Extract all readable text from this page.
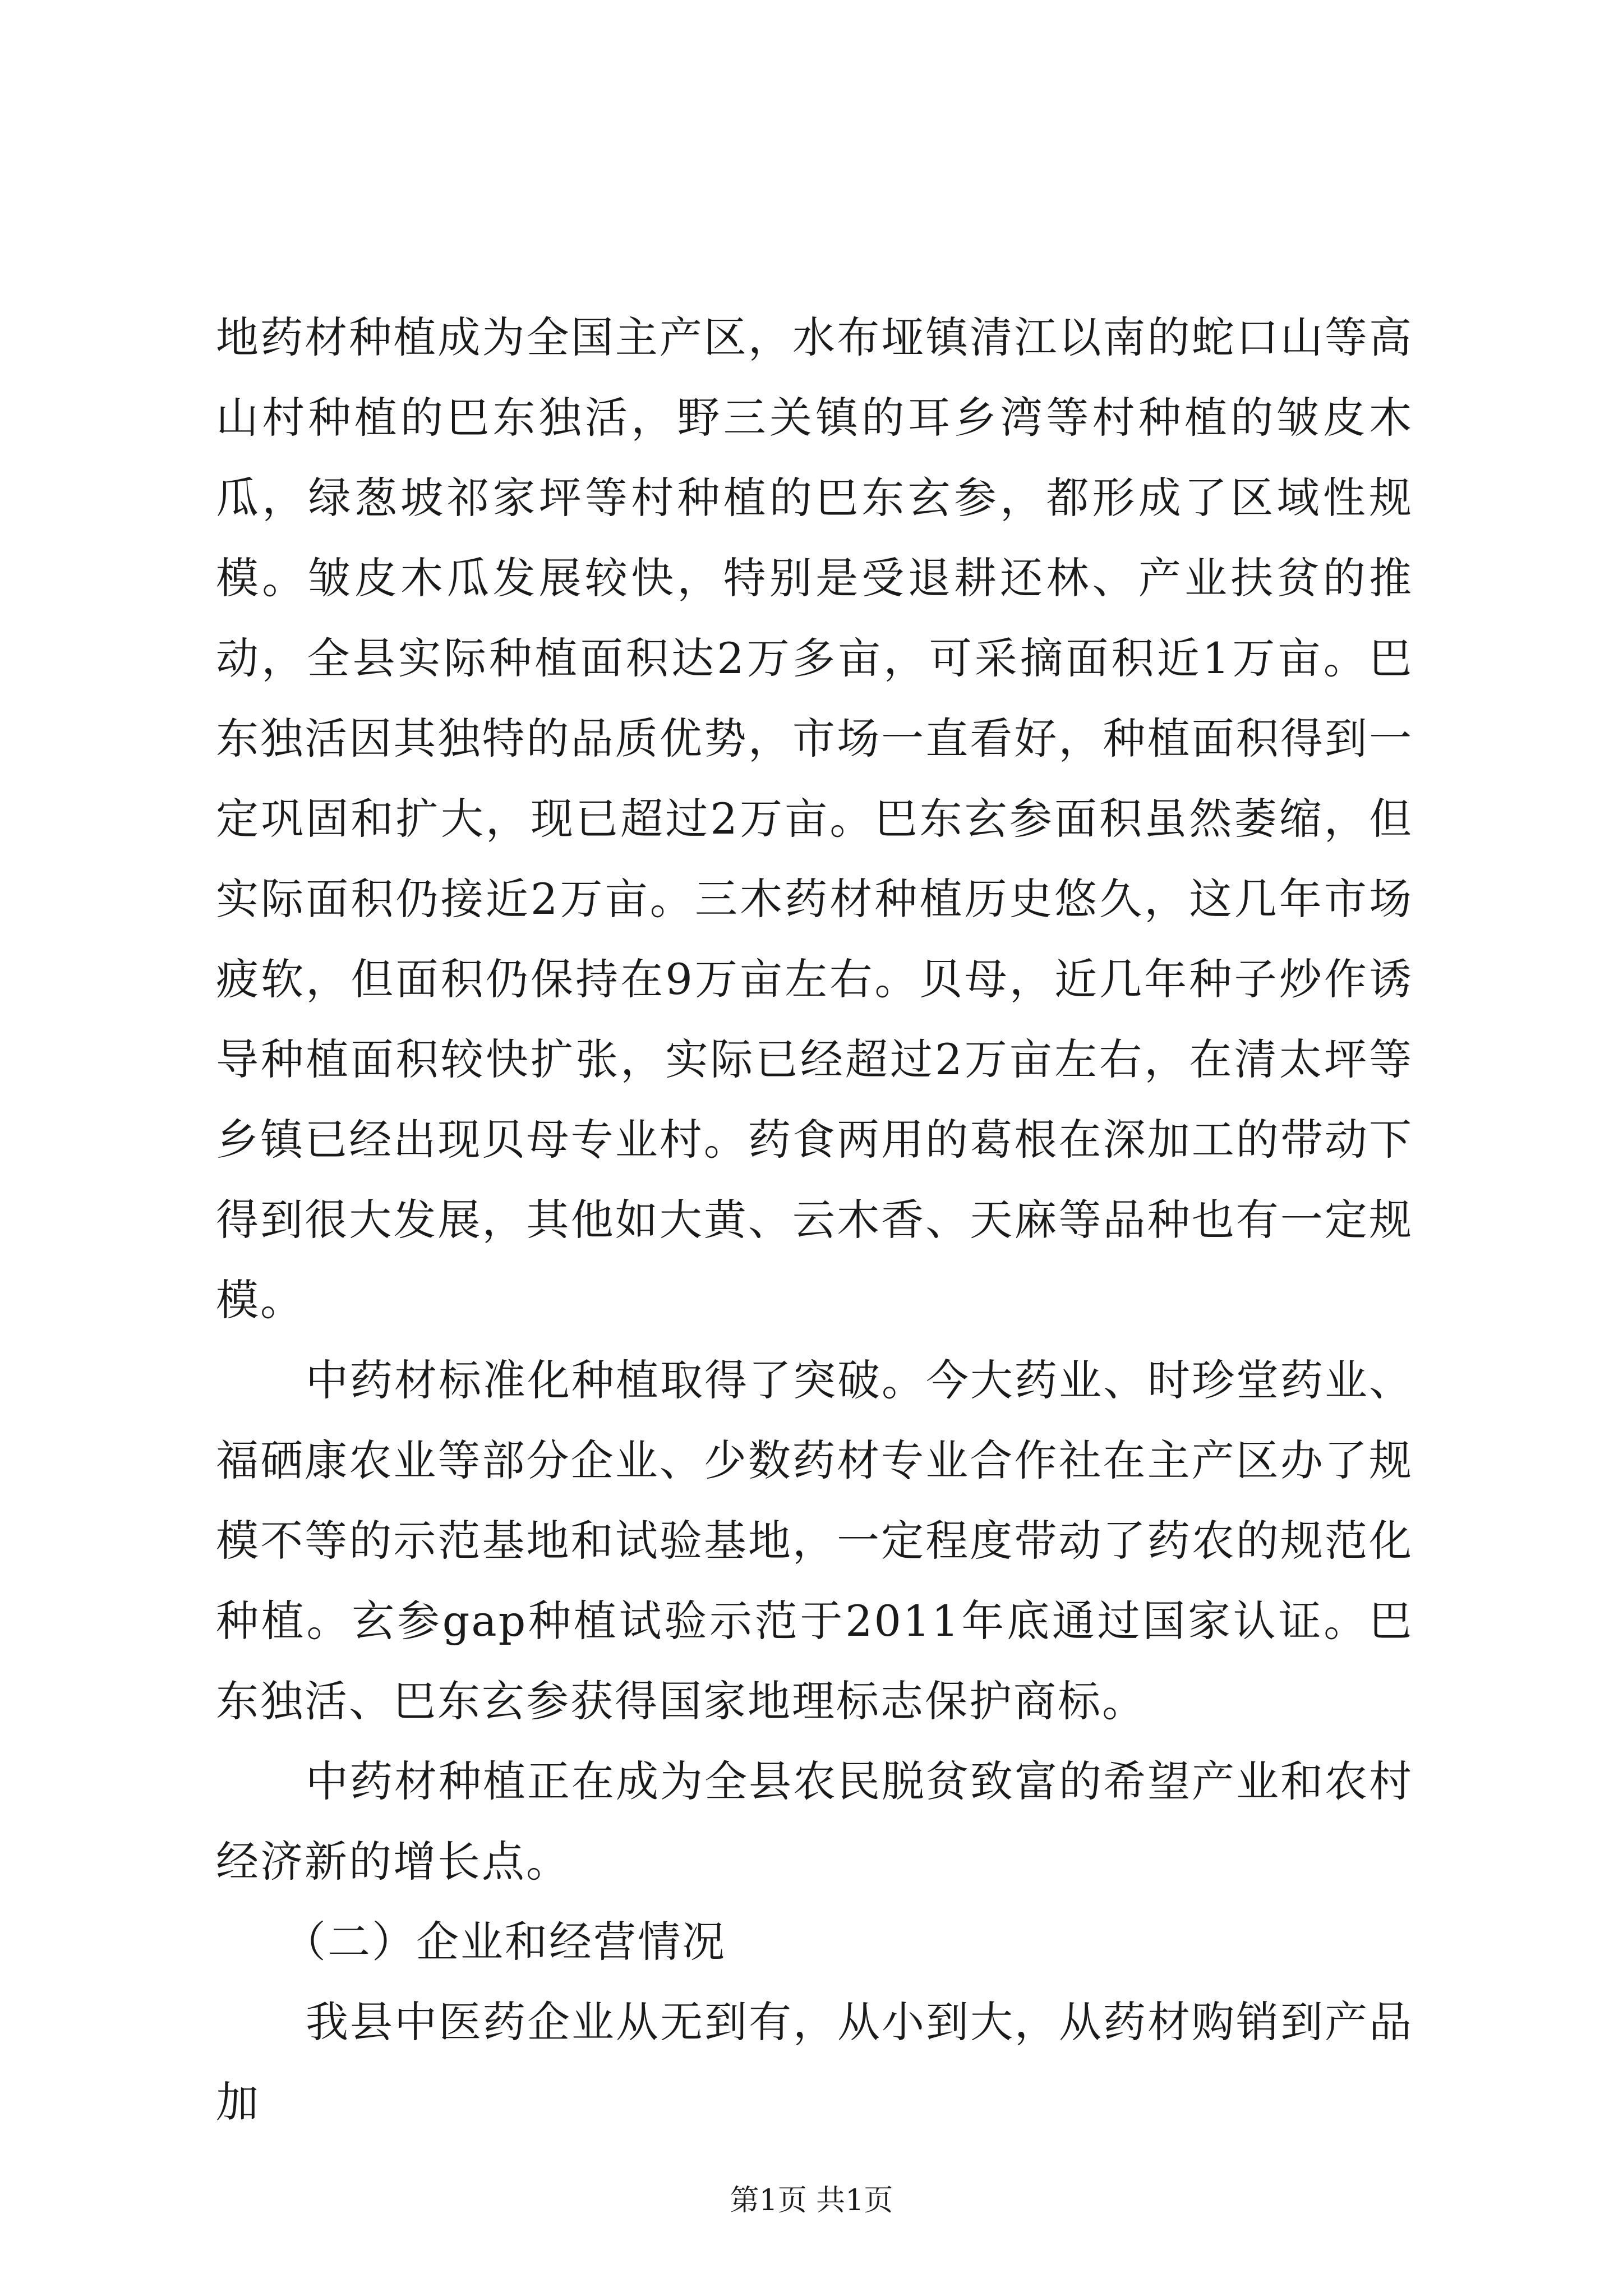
地药材种植成为全国主产区，水布垭镇清江以南的蛇口山等高山村种植的巴东独活，野三关镇的耳乡湾等村种植的皱皮木瓜，绿葱坡祁家坪等村种植的巴东玄参，都形成了区域性规模。皱皮木瓜发展较快，特别是受退耕还林、产业扶贫的推动，全县实际种植面积达2万多亩，可采摘面积近1万亩。巴东独活因其独特的品质优势，市场一直看好，种植面积得到一定巩固和扩大，现已超过2万亩。巴东玄参面积虽然萎缩，但实际面积仍接近2万亩。三木药材种植历史悠久，这几年市场疲软，但面积仍保持在9万亩左右。贝母，近几年种子炒作诱导种植面积较快扩张，实际已经超过2万亩左右，在清太坪等乡镇已经出现贝母专业村。药食两用的葛根在深加工的带动下得到很大发展，其他如大黄、云木香、天麻等品种也有一定规模。

中药材标准化种植取得了突破。今大药业、时珍堂药业、福硒康农业等部分企业、少数药材专业合作社在主产区办了规模不等的示范基地和试验基地，一定程度带动了药农的规范化种植。玄参gap种植试验示范于2011年底通过国家认证。巴东独活、巴东玄参获得国家地理标志保护商标。

中药材种植正在成为全县农民脱贫致富的希望产业和农村经济新的增长点。

（二）企业和经营情况

我县中医药企业从无到有，从小到大，从药材购销到产品加

第1页 共1页
